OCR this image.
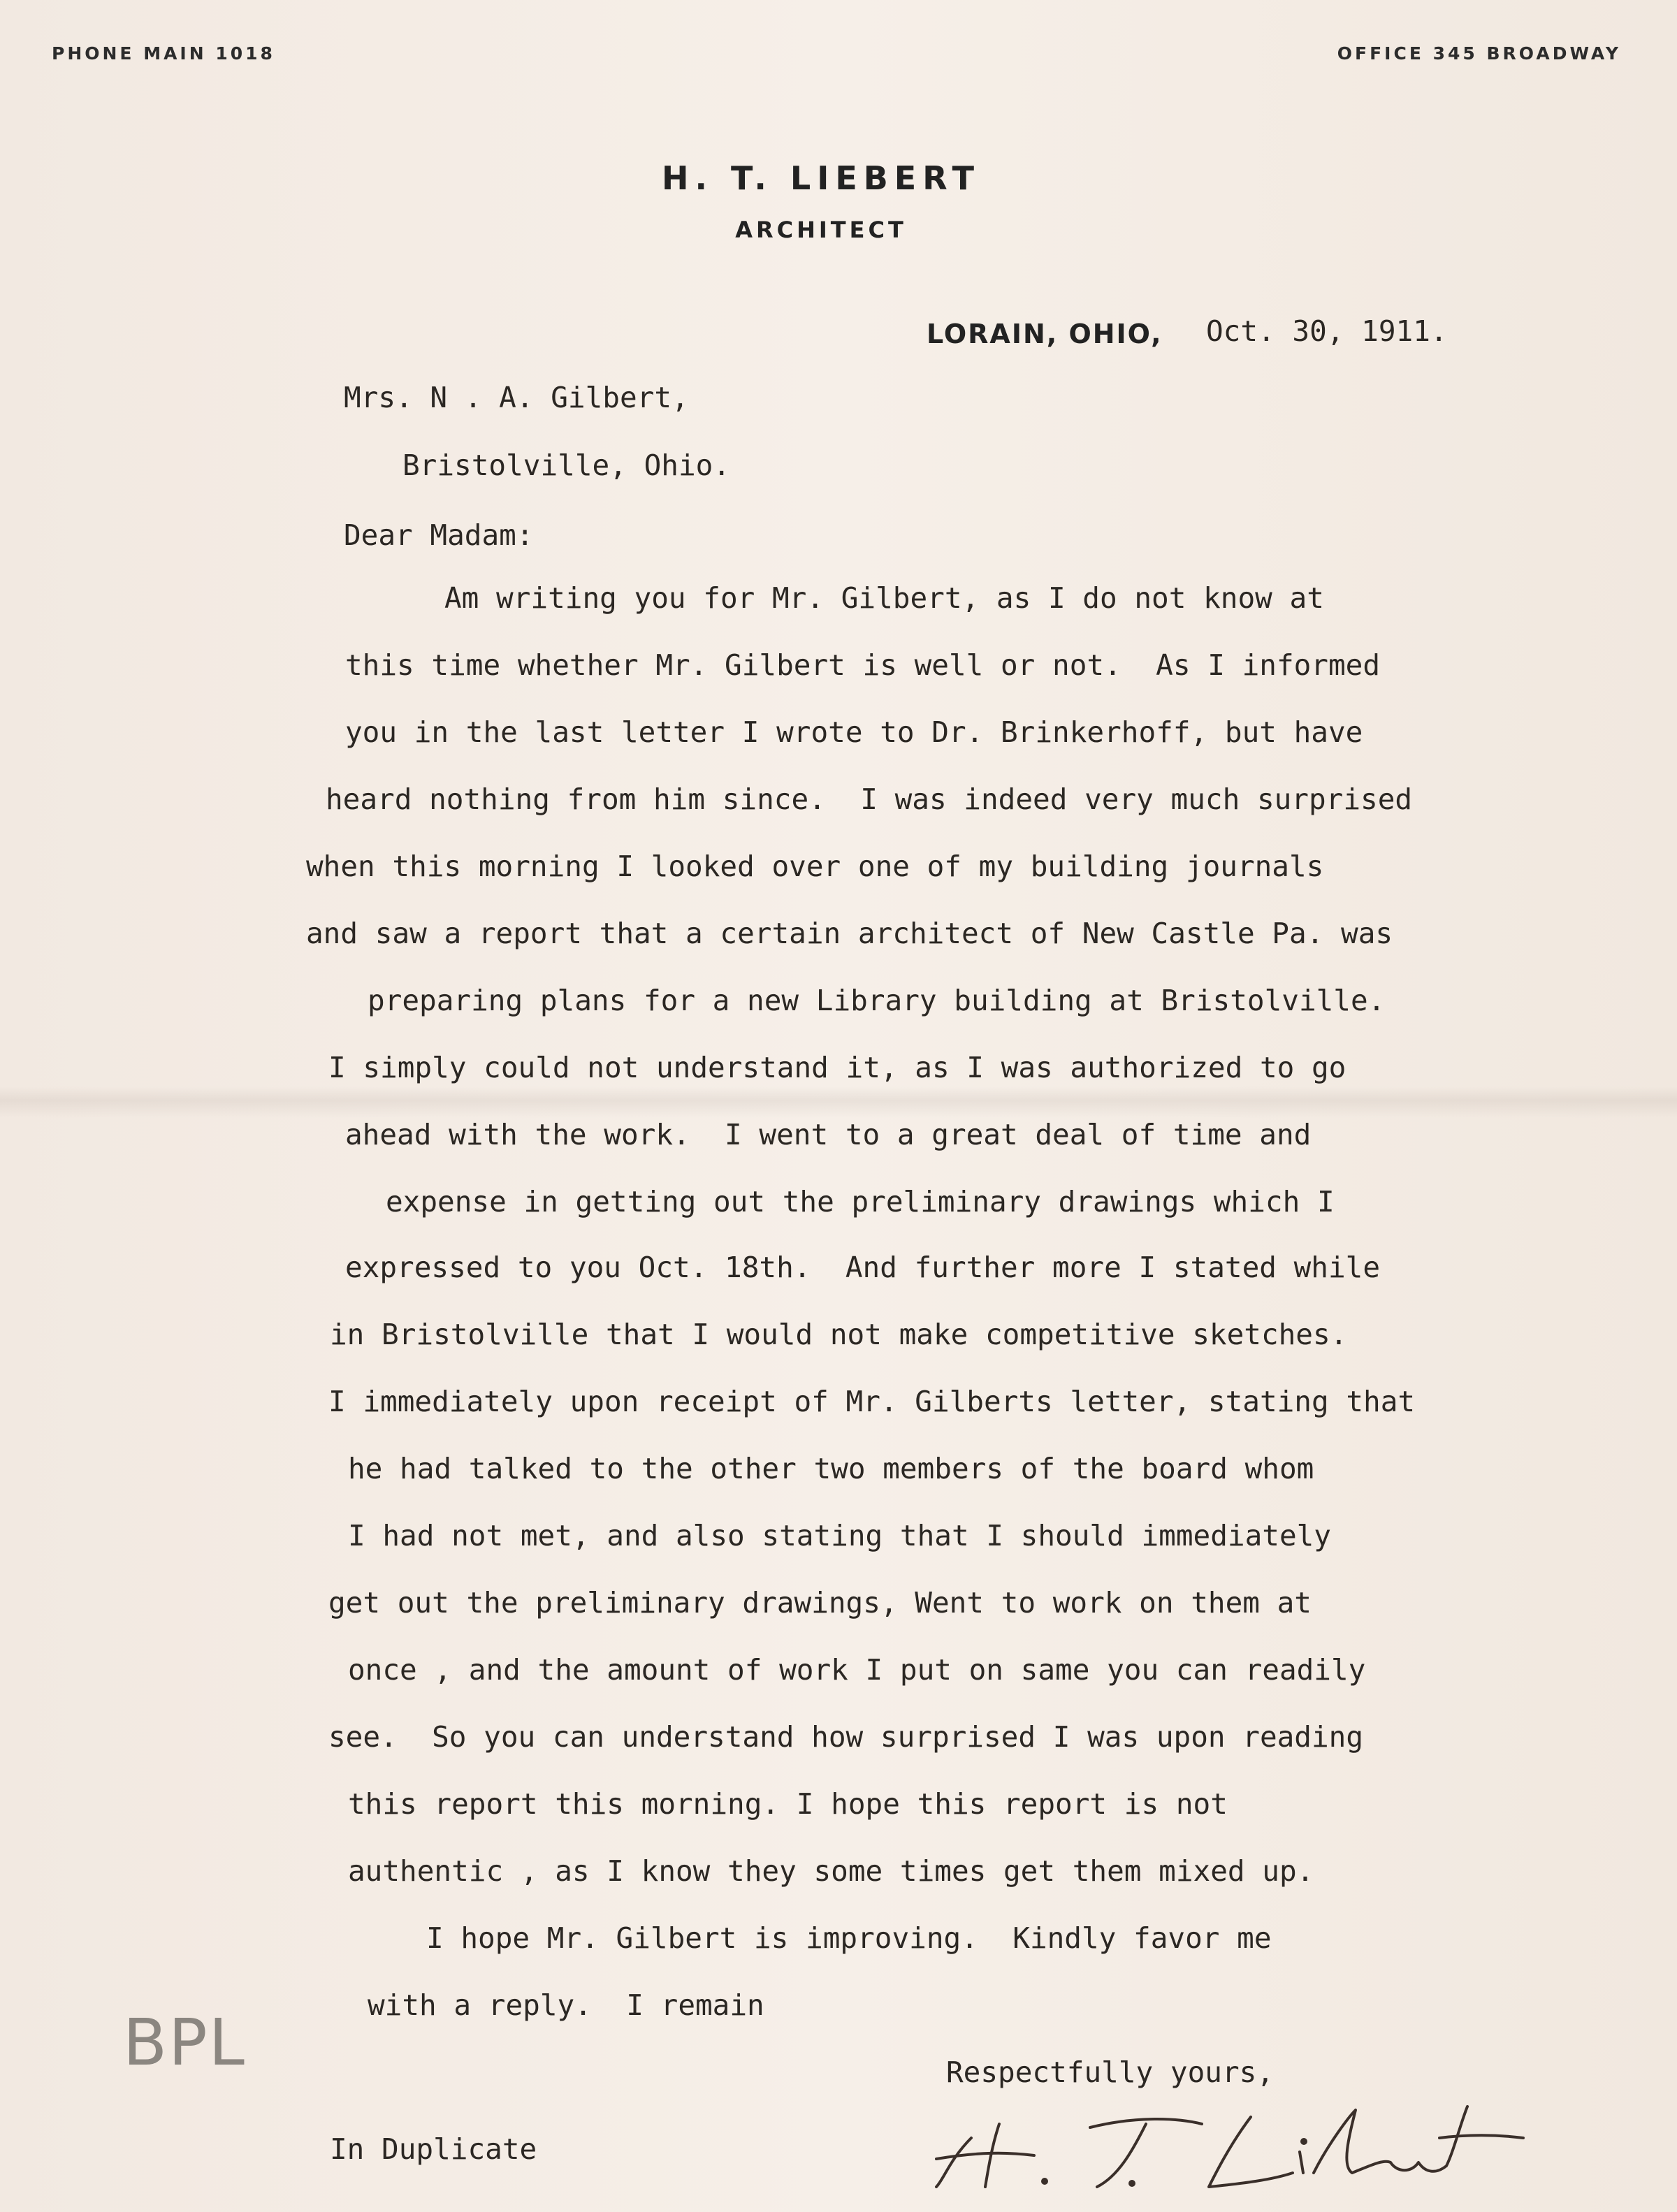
PHONE MAIN 1018	OFFICE 345 BROADWAY
H. T. LIEBERT
ARCHITECT
LORAIN, OHIO, Oct. 30, 1911.
Mrs. N . A. Gilbert,
Bristolville, Ohio.
Dear Madam:
Am writing you for Mr. Gilbert, as I do not know at
this time whether Mr. Gilbert is well or not.  As I informed
you in the last letter I wrote to Dr. Brinkerhoff, but have
heard nothing from him since.  I was indeed very much surprised
when this morning I looked over one of my building journals
and saw a report that a certain architect of New Castle Pa. was
preparing plans for a new Library building at Bristolville.
I simply could not understand it, as I was authorized to go
ahead with the work.  I went to a great deal of time and
expense in getting out the preliminary drawings which I
expressed to you Oct. 18th.  And further more I stated while
in Bristolville that I would not make competitive sketches.
I immediately upon receipt of Mr. Gilberts letter, stating that
he had talked to the other two members of the board whom
I had not met, and also stating that I should immediately
get out the preliminary drawings, Went to work on them at
once , and the amount of work I put on same you can readily
see.  So you can understand how surprised I was upon reading
this report this morning. I hope this report is not
authentic , as I know they some times get them mixed up.
I hope Mr. Gilbert is improving.  Kindly favor me
with a reply.  I remain
Respectfully yours,
In Duplicate
BPL
